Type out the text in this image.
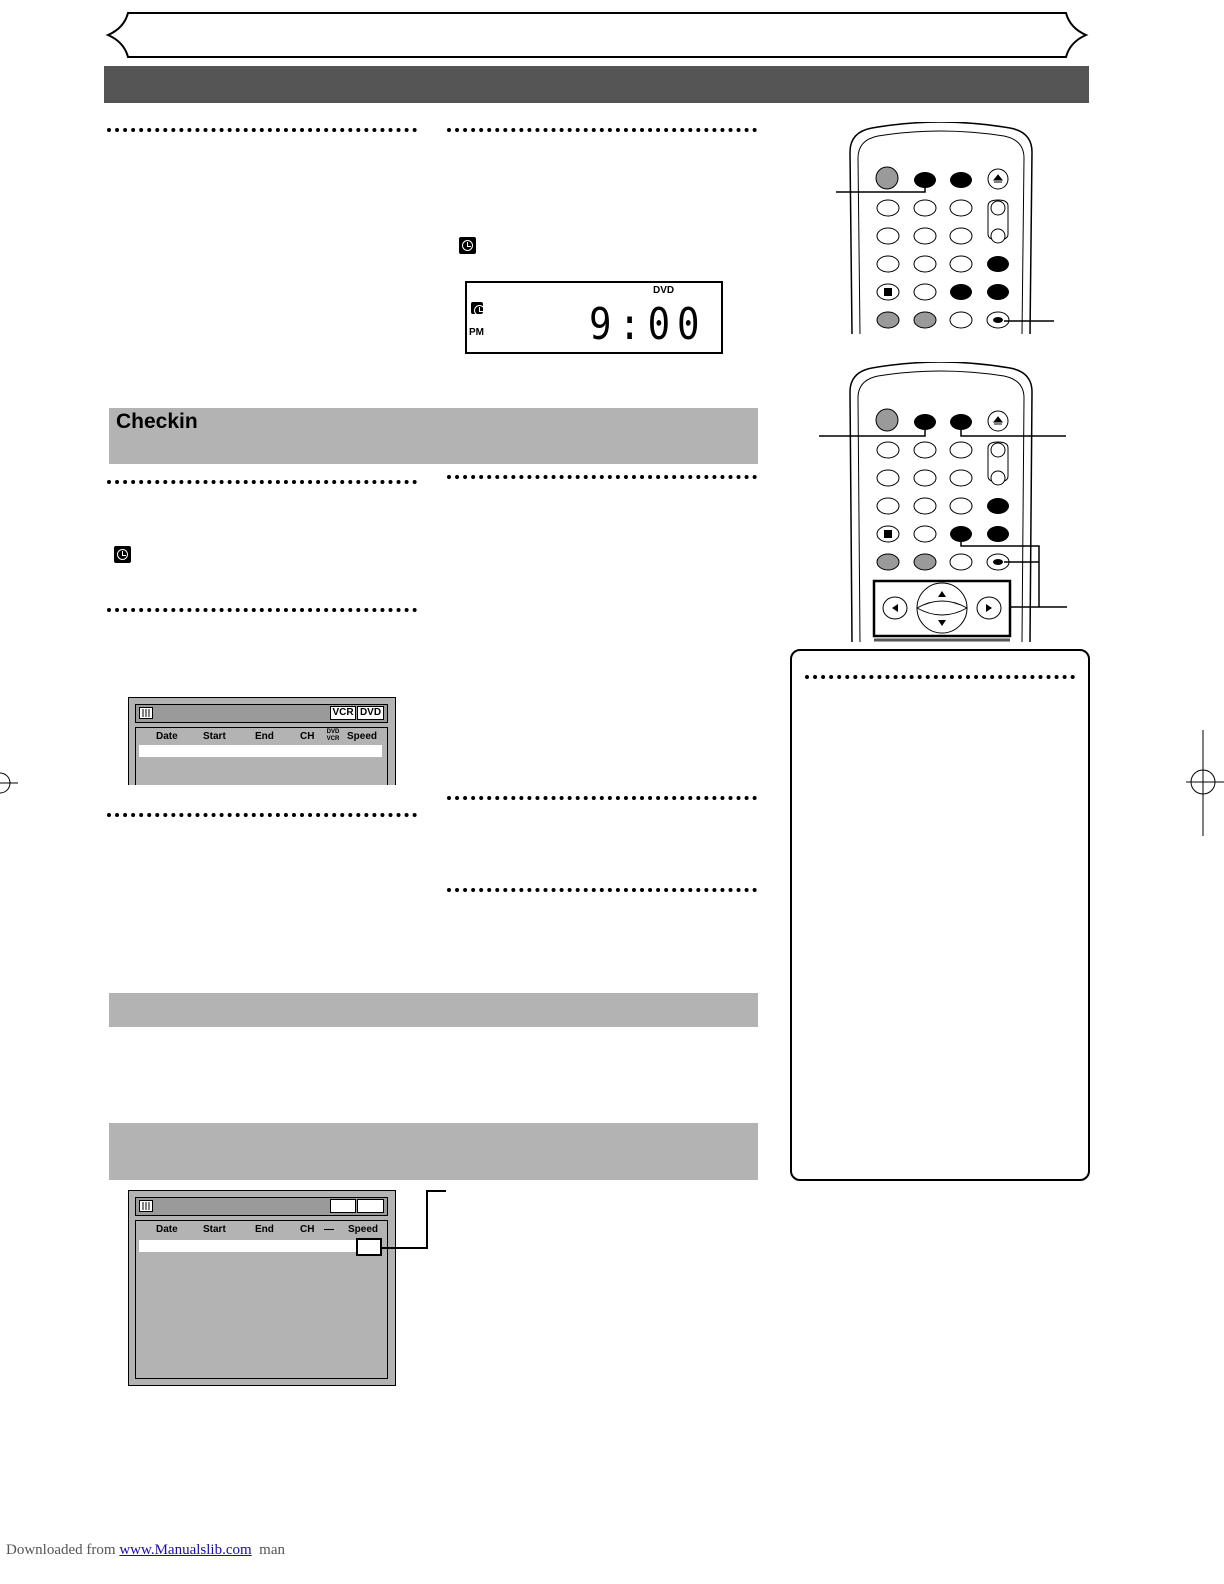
DVD
PM 9:00
Checkin
VCR DVD
Date	Start	End	CH	DVD VCR Speed
Date	Start	End	CH — Speed
Downloaded from www.Manualslib.com man
